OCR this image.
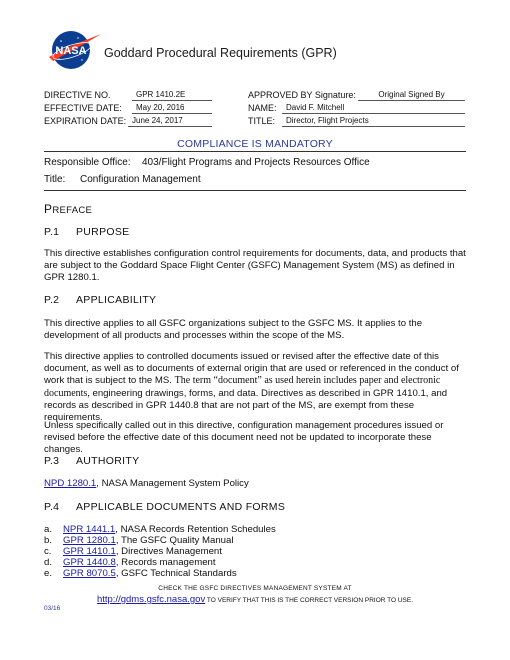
NASA Goddard Procedural Requirements (GPR)
DIRECTIVE NO.	GPR 1410.2E
EFFECTIVE DATE:	May 20, 2016
EXPIRATION DATE: June 24, 2017
APPROVED BY Signature:	Original Signed By
NAME:	David F. Mitchell
TITLE:	Director, Flight Projects
COMPLIANCE IS MANDATORY
Responsible Office: 403/Flight Programs and Projects Resources Office
Title: Configuration Management
PREFACE
P.1 PURPOSE
This directive establishes configuration control requirements for documents, data, and products that are subject to the Goddard Space Flight Center (GSFC) Management System (MS) as defined in GPR 1280.1.
P.2 APPLICABILITY
This directive applies to all GSFC organizations subject to the GSFC MS. It applies to the development of all products and processes within the scope of the MS.
This directive applies to controlled documents issued or revised after the effective date of this document, as well as to documents of external origin that are used or referenced in the conduct of work that is subject to the MS. The term “document” as used herein includes paper and electronic documents, engineering drawings, forms, and data. Directives as described in GPR 1410.1, and records as described in GPR 1440.8 that are not part of the MS, are exempt from these requirements.
Unless specifically called out in this directive, configuration management procedures issued or revised before the effective date of this document need not be updated to incorporate these changes.
P.3 AUTHORITY
NPD 1280.1, NASA Management System Policy
P.4 APPLICABLE DOCUMENTS AND FORMS
a. NPR 1441.1, NASA Records Retention Schedules
b. GPR 1280.1, The GSFC Quality Manual
c. GPR 1410.1, Directives Management
d. GPR 1440.8, Records management
e. GPR 8070.5, GSFC Technical Standards
CHECK THE GSFC DIRECTIVES MANAGEMENT SYSTEM AT
http://gdms.gsfc.nasa.gov TO VERIFY THAT THIS IS THE CORRECT VERSION PRIOR TO USE.
03/16
